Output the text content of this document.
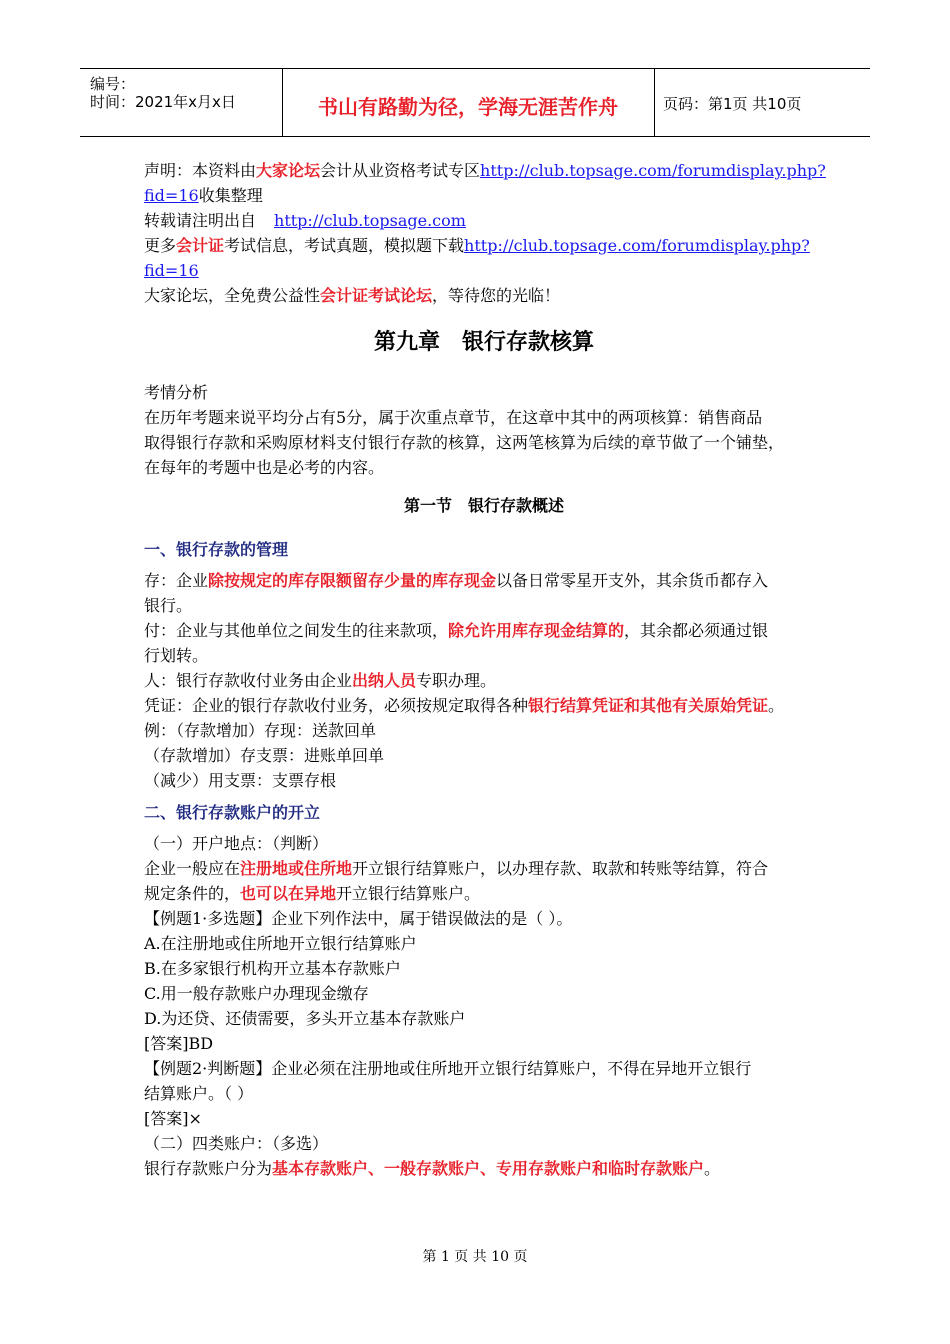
编号：
时间：2021年x月x日	书山有路勤为径，学海无涯苦作舟	页码：第1页 共10页
声明：本资料由大家论坛会计从业资格考试专区http://club.topsage.com/forumdisplay.php?
fid=16收集整理
转载请注明出自 http://club.topsage.com
更多会计证考试信息，考试真题，模拟题下载http://club.topsage.com/forumdisplay.php?
fid=16
大家论坛，全免费公益性会计证考试论坛，等待您的光临！
第九章　银行存款核算
考情分析
在历年考题来说平均分占有5分，属于次重点章节，在这章中其中的两项核算：销售商品
取得银行存款和采购原材料支付银行存款的核算，这两笔核算为后续的章节做了一个铺垫，
在每年的考题中也是必考的内容。
第一节　银行存款概述
一、银行存款的管理
存：企业除按规定的库存限额留存少量的库存现金以备日常零星开支外，其余货币都存入
银行。
付：企业与其他单位之间发生的往来款项，除允许用库存现金结算的，其余都必须通过银
行划转。
人：银行存款收付业务由企业出纳人员专职办理。
凭证：企业的银行存款收付业务，必须按规定取得各种银行结算凭证和其他有关原始凭证。
例：（存款增加）存现：送款回单
（存款增加）存支票：进账单回单
（减少）用支票：支票存根
二、银行存款账户的开立
（一）开户地点：（判断）
企业一般应在注册地或住所地开立银行结算账户，以办理存款、取款和转账等结算，符合
规定条件的，也可以在异地开立银行结算账户。
【例题1·多选题】企业下列作法中，属于错误做法的是（ ）。
A.在注册地或住所地开立银行结算账户
B.在多家银行机构开立基本存款账户
C.用一般存款账户办理现金缴存
D.为还贷、还债需要，多头开立基本存款账户
[答案]BD
【例题2·判断题】企业必须在注册地或住所地开立银行结算账户，不得在异地开立银行
结算账户。（ ）
[答案]×
（二）四类账户：（多选）
银行存款账户分为基本存款账户、一般存款账户、专用存款账户和临时存款账户。
第 1 页 共 10 页
